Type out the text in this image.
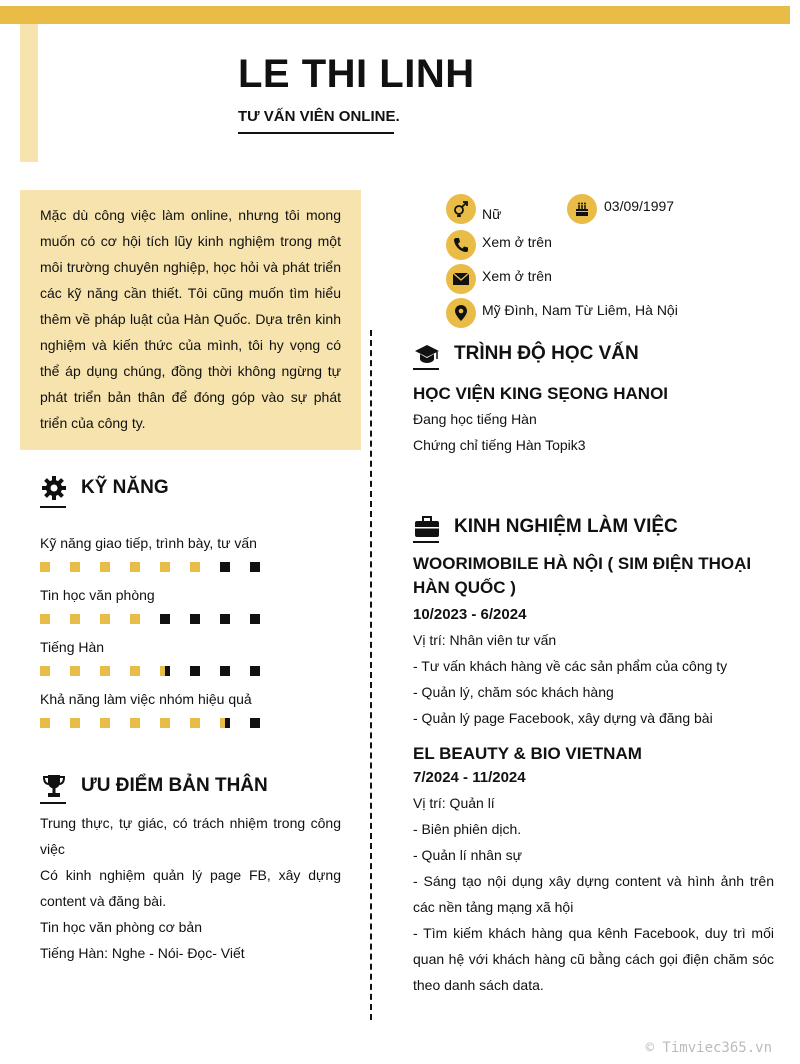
LE THI LINH
TƯ VẤN VIÊN ONLINE.
Mặc dù công việc làm online, nhưng tôi mong muốn có cơ hội tích lũy kinh nghiệm trong một môi trường chuyên nghiệp, học hỏi và phát triển các kỹ năng cần thiết. Tôi cũng muốn tìm hiểu thêm về pháp luật của Hàn Quốc. Dựa trên kinh nghiệm và kiến thức của mình, tôi hy vọng có thể áp dụng chúng, đồng thời không ngừng tự phát triển bản thân để đóng góp vào sự phát triển của công ty.
Nữ	03/09/1997
Xem ở trên
Xem ở trên
Mỹ Đình, Nam Từ Liêm, Hà Nội
KỸ NĂNG
Kỹ năng giao tiếp, trình bày, tư vấn
Tin học văn phòng
Tiếng Hàn
Khả năng làm việc nhóm hiệu quả
ƯU ĐIỂM BẢN THÂN
Trung thực, tự giác, có trách nhiệm trong công việc
Có kinh nghiệm quản lý page FB, xây dựng content và đăng bài.
Tin học văn phòng cơ bản
Tiếng Hàn: Nghe - Nói- Đọc- Viết
TRÌNH ĐỘ HỌC VẤN
HỌC VIỆN KING SẸONG HANOI
Đang học tiếng Hàn
Chứng chỉ tiếng Hàn Topik3
KINH NGHIỆM LÀM VIỆC
WOORIMOBILE HÀ NỘI ( SIM ĐIỆN THOẠI HÀN QUỐC )
10/2023 - 6/2024
Vị trí: Nhân viên tư vấn
- Tư vấn khách hàng về các sản phẩm của công ty
- Quản lý, chăm sóc khách hàng
- Quản lý page Facebook, xây dựng và đăng bài
EL BEAUTY & BIO VIETNAM
7/2024 - 11/2024
Vị trí: Quản lí
- Biên phiên dịch.
- Quản lí nhân sự
- Sáng tạo nội dụng xây dựng content và hình ảnh trên các nền tảng mạng xã hội
- Tìm kiếm khách hàng qua kênh Facebook, duy trì mối quan hệ với khách hàng cũ bằng cách gọi điện chăm sóc theo danh sách data.
© Timviec365.vn
